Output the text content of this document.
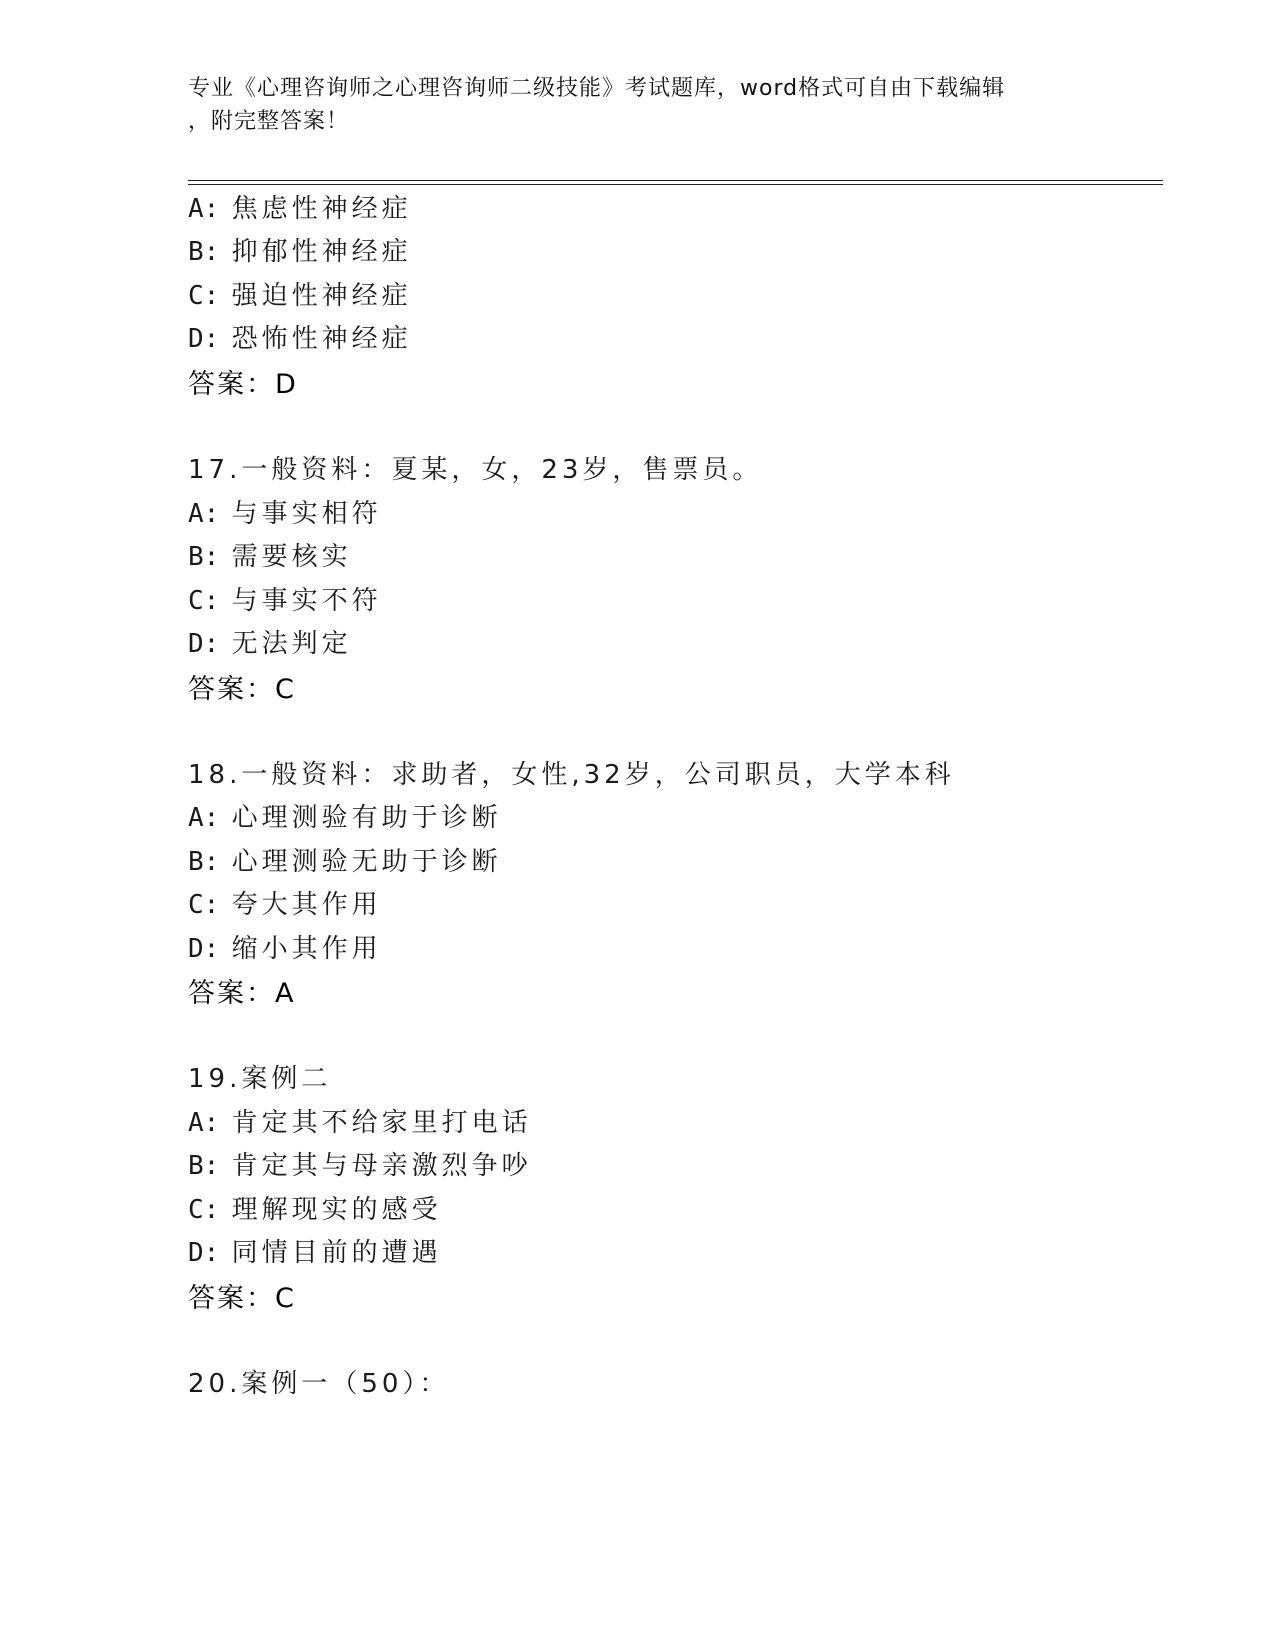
专业《心理咨询师之心理咨询师二级技能》考试题库，word格式可自由下载编辑
，附完整答案！
A: 焦虑性神经症
B: 抑郁性神经症
C: 强迫性神经症
D: 恐怖性神经症
答案：D
17.一般资料：夏某，女，23岁，售票员。
A: 与事实相符
B: 需要核实
C: 与事实不符
D: 无法判定
答案：C
18.一般资料：求助者，女性,32岁，公司职员，大学本科
A: 心理测验有助于诊断
B: 心理测验无助于诊断
C: 夸大其作用
D: 缩小其作用
答案：A
19.案例二
A: 肯定其不给家里打电话
B: 肯定其与母亲激烈争吵
C: 理解现实的感受
D: 同情目前的遭遇
答案：C
20.案例一（50）：
